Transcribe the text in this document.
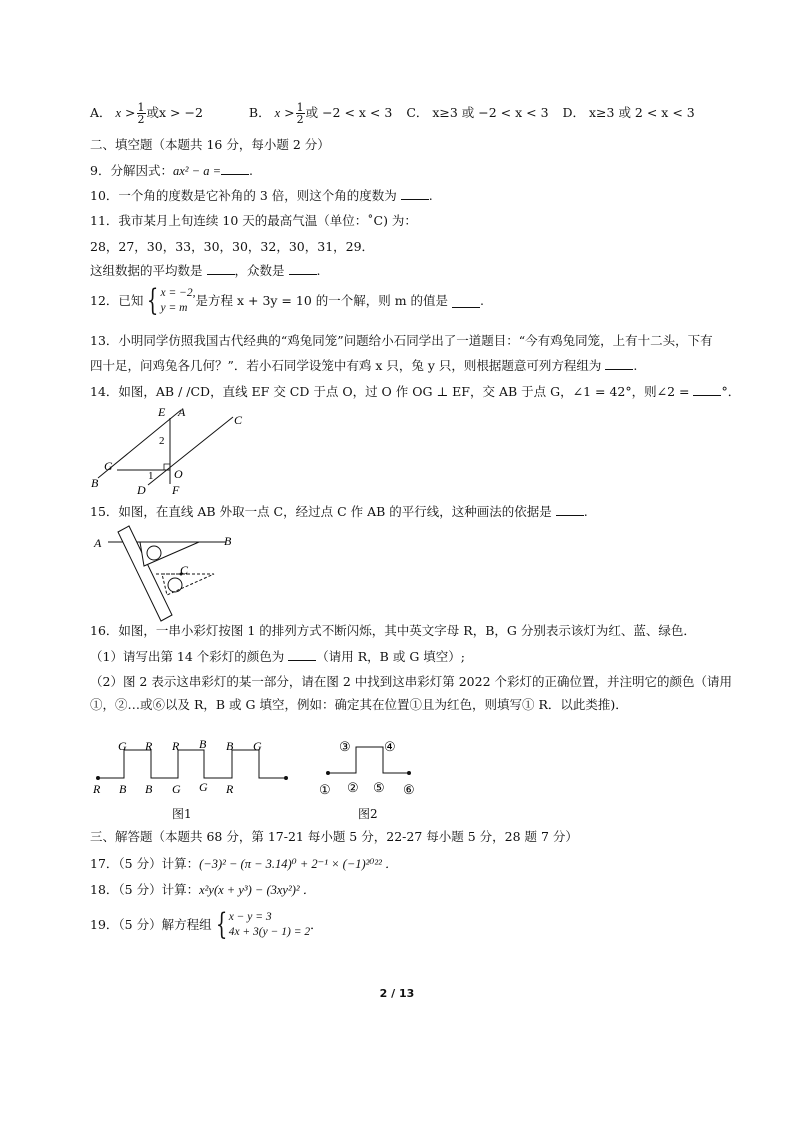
A． $x > \frac{1}{2}$ 或x > −2	B． $x > \frac{1}{2}$ 或 −2 < x < 3 C． x≥3 或 −2 < x < 3 D． x≥3 或 2 < x < 3
二、填空题（本题共 16 分，每小题 2 分）
9．分解因式：ax² − a = .
10．一个角的度数是它补角的 3 倍，则这个角的度数为	.
11．我市某月上旬连续 10 天的最高气温（单位：˚C) 为：
28，27，30，33，30，30，32，30，31，29．
这组数据的平均数是	，众数是	.
12．已知 { x = −2,
y = m 是方程 x + 3y = 10 的一个解，则 m 的值是	.
13．小明同学仿照我国古代经典的“鸡兔同笼”问题给小石同学出了一道题目：“今有鸡兔同笼，上有十二头，下有
四十足，问鸡兔各几何？”．若小石同学设笼中有鸡 x 只，兔 y 只，则根据题意可列方程组为	.
14．如图，AB / /CD，直线 EF 交 CD 于点 O，过 O 作 OG ⊥ EF，交 AB 于点 G，∠1 = 42°，则∠2 =	°．
E A
C
2
G
1 O
B	D F
15．如图，在直线 AB 外取一点 C，经过点 C 作 AB 的平行线，这种画法的依据是	.
A	B
C
16．如图，一串小彩灯按图 1 的排列方式不断闪烁，其中英文字母 R，B，G 分别表示该灯为红、蓝、绿色．
（1）请写出第 14 个彩灯的颜色为	（请用 R，B 或 G 填空）;
（2）图 2 表示这串彩灯的某一部分，请在图 2 中找到这串彩灯第 2022 个彩灯的正确位置，并注明它的颜色（请用
①，②…或⑥以及 R，B 或 G 填空，例如：确定其在位置①且为红色，则填写① R．以此类推)．
G R R B B G
R B B G G R
图1
③	④
① ② ⑤ ⑥
图2
三、解答题（本题共 68 分，第 17-21 每小题 5 分，22-27 每小题 5 分，28 题 7 分）
17．（5 分）计算：(−3)² − (π − 3.14)⁰ + 2⁻¹ × (−1)²⁰²² ．
18．（5 分）计算：x²y(x + y³) − (3xy²)² ．
19．（5 分）解方程组 { x − y = 3
4x + 3(y − 1) = 2 ．
2 / 13
